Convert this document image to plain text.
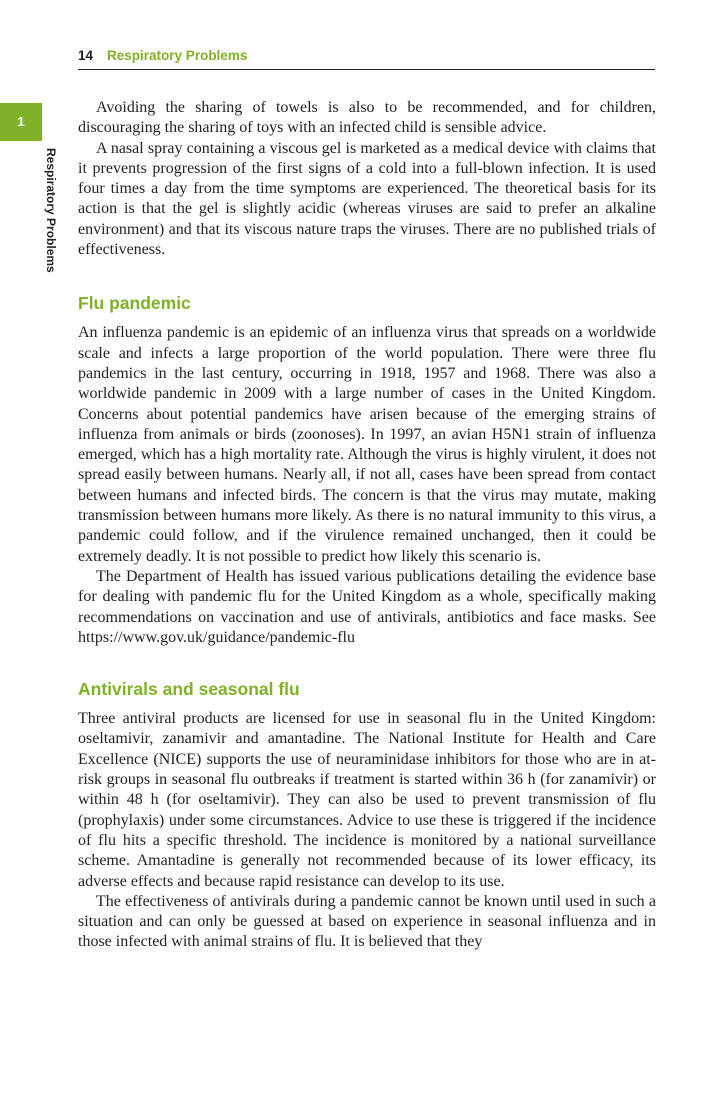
14 Respiratory Problems
1
Respiratory Problems

Avoiding the sharing of towels is also to be recommended, and for children, discouraging the sharing of toys with an infected child is sensible advice.

A nasal spray containing a viscous gel is marketed as a medical device with claims that it prevents progression of the first signs of a cold into a full-blown infection. It is used four times a day from the time symptoms are experienced. The theoretical basis for its action is that the gel is slightly acidic (whereas viruses are said to prefer an alkaline environment) and that its viscous nature traps the viruses. There are no published trials of effectiveness.

Flu pandemic

An influenza pandemic is an epidemic of an influenza virus that spreads on a worldwide scale and infects a large proportion of the world population. There were three flu pandemics in the last century, occurring in 1918, 1957 and 1968. There was also a worldwide pandemic in 2009 with a large number of cases in the United Kingdom. Concerns about potential pandemics have arisen because of the emerging strains of influenza from animals or birds (zoonoses). In 1997, an avian H5N1 strain of influenza emerged, which has a high mortality rate. Although the virus is highly virulent, it does not spread easily between humans. Nearly all, if not all, cases have been spread from contact between humans and infected birds. The concern is that the virus may mutate, making transmission between humans more likely. As there is no natural immunity to this virus, a pandemic could follow, and if the virulence remained unchanged, then it could be extremely deadly. It is not possible to predict how likely this scenario is.

The Department of Health has issued various publications detailing the evidence base for dealing with pandemic flu for the United Kingdom as a whole, specifically making recommendations on vaccination and use of antivirals, antibiotics and face masks. See https://www.gov.uk/guidance/pandemic-flu

Antivirals and seasonal flu

Three antiviral products are licensed for use in seasonal flu in the United Kingdom: oseltamivir, zanamivir and amantadine. The National Institute for Health and Care Excellence (NICE) supports the use of neuraminidase inhibitors for those who are in at-risk groups in seasonal flu outbreaks if treatment is started within 36 h (for zanamivir) or within 48 h (for oseltamivir). They can also be used to prevent transmission of flu (prophylaxis) under some circumstances. Advice to use these is triggered if the incidence of flu hits a specific threshold. The incidence is monitored by a national surveillance scheme. Amantadine is generally not recommended because of its lower efficacy, its adverse effects and because rapid resistance can develop to its use.

The effectiveness of antivirals during a pandemic cannot be known until used in such a situation and can only be guessed at based on experience in seasonal influenza and in those infected with animal strains of flu. It is believed that they
